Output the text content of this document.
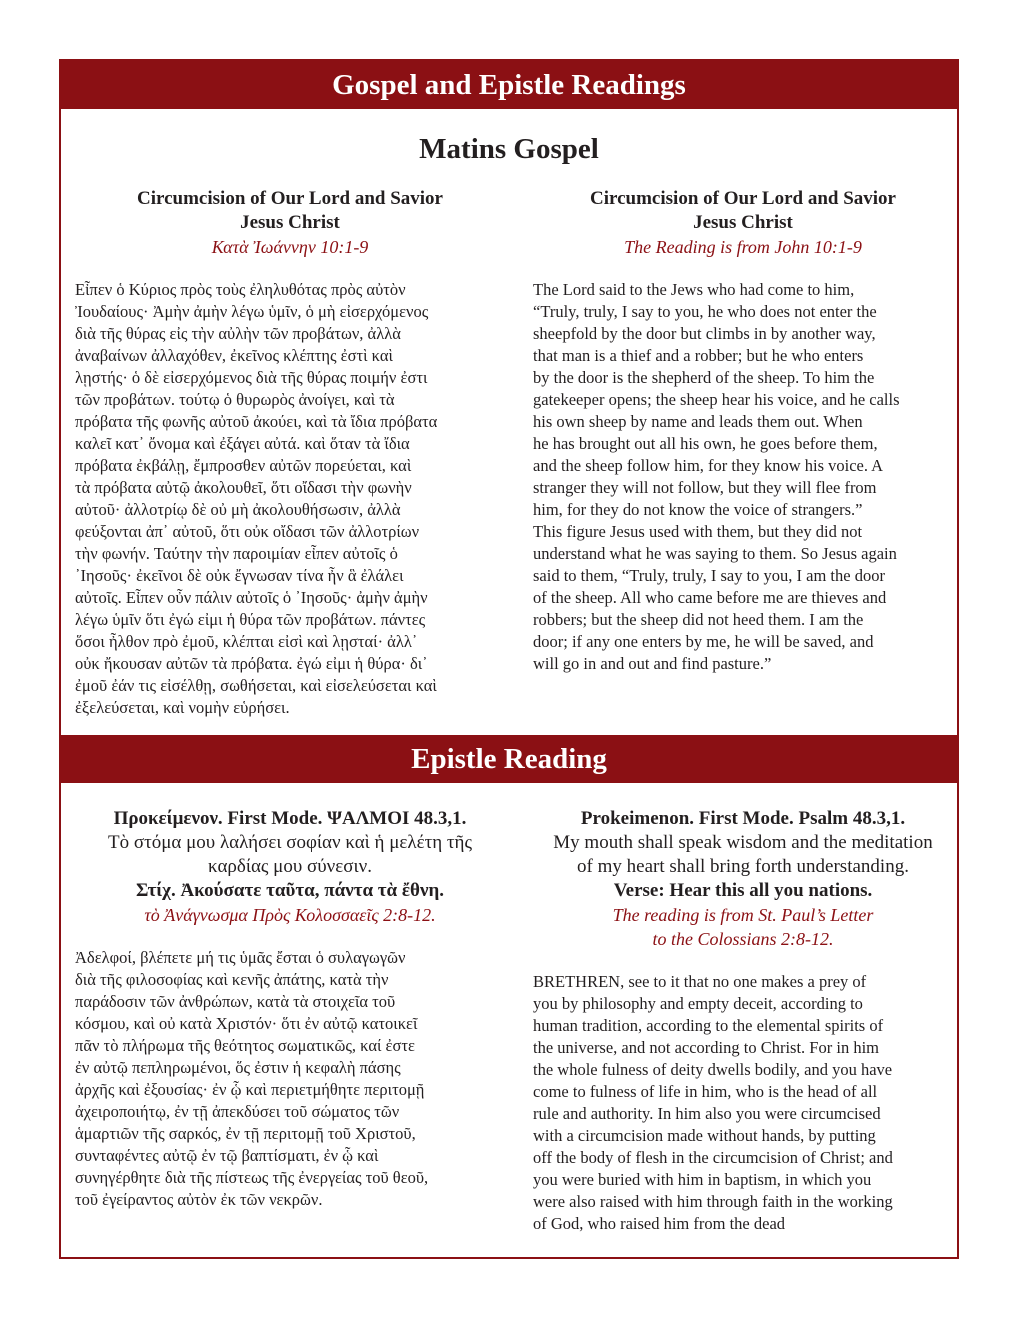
Gospel and Epistle Readings
Matins Gospel
Circumcision of Our Lord and Savior
Jesus Christ
Κατὰ Ἰωάννην 10:1-9
Εἶπεν ὁ Κύριος πρὸς τοὺς ἐληλυθότας πρὸς αὐτὸν
Ἰουδαίους· Ἀμὴν ἀμὴν λέγω ὑμῖν, ὁ μὴ εἰσερχόμενος
διὰ τῆς θύρας εἰς τὴν αὐλὴν τῶν προβάτων, ἀλλὰ
ἀναβαίνων ἀλλαχόθεν, ἐκεῖνος κλέπτης ἐστὶ καὶ
λῃστής· ὁ δὲ εἰσερχόμενος διὰ τῆς θύρας ποιμήν ἐστι
τῶν προβάτων. τούτῳ ὁ θυρωρὸς ἀνοίγει, καὶ τὰ
πρόβατα τῆς φωνῆς αὐτοῦ ἀκούει, καὶ τὰ ἴδια πρόβατα
καλεῖ κατ᾽ ὄνομα καὶ ἐξάγει αὐτά. καὶ ὅταν τὰ ἴδια
πρόβατα ἐκβάλῃ, ἔμπροσθεν αὐτῶν πορεύεται, καὶ
τὰ πρόβατα αὐτῷ ἀκολουθεῖ, ὅτι οἴδασι τὴν φωνὴν
αὐτοῦ· ἀλλοτρίῳ δὲ οὐ μὴ ἀκολουθήσωσιν, ἀλλὰ
φεύξονται ἀπ᾽ αὐτοῦ, ὅτι οὐκ οἴδασι τῶν ἀλλοτρίων
τὴν φωνήν. Ταύτην τὴν παροιμίαν εἶπεν αὐτοῖς ὁ
᾽Ιησοῦς· ἐκεῖνοι δὲ οὐκ ἔγνωσαν τίνα ἦν ἃ ἐλάλει
αὐτοῖς. Εἶπεν οὖν πάλιν αὐτοῖς ὁ ᾽Ιησοῦς· ἀμὴν ἀμὴν
λέγω ὑμῖν ὅτι ἐγώ εἰμι ἡ θύρα τῶν προβάτων. πάντες
ὅσοι ἦλθον πρὸ ἐμοῦ, κλέπται εἰσὶ καὶ λῃσταί· ἀλλ᾽
οὐκ ἤκουσαν αὐτῶν τὰ πρόβατα. ἐγώ εἰμι ἡ θύρα· δι᾽
ἐμοῦ ἐάν τις εἰσέλθῃ, σωθήσεται, καὶ εἰσελεύσεται καὶ
ἐξελεύσεται, καὶ νομὴν εὑρήσει.
Circumcision of Our Lord and Savior
Jesus Christ
The Reading is from John 10:1-9
The Lord said to the Jews who had come to him,
“Truly, truly, I say to you, he who does not enter the
sheepfold by the door but climbs in by another way,
that man is a thief and a robber; but he who enters
by the door is the shepherd of the sheep. To him the
gatekeeper opens; the sheep hear his voice, and he calls
his own sheep by name and leads them out. When
he has brought out all his own, he goes before them,
and the sheep follow him, for they know his voice. A
stranger they will not follow, but they will flee from
him, for they do not know the voice of strangers.”
This figure Jesus used with them, but they did not
understand what he was saying to them. So Jesus again
said to them, “Truly, truly, I say to you, I am the door
of the sheep. All who came before me are thieves and
robbers; but the sheep did not heed them. I am the
door; if any one enters by me, he will be saved, and
will go in and out and find pasture.”
Epistle Reading
Προκείμενον. First Mode. ΨΑΛΜΟΙ 48.3,1.
Τὸ στόμα μου λαλήσει σοφίαν καὶ ἡ μελέτη τῆς
καρδίας μου σύνεσιν.
Στίχ. Ἀκούσατε ταῦτα, πάντα τὰ ἔθνη.
τὸ Ἀνάγνωσμα Πρὸς Κολοσσαεῖς 2:8-12.
Ἀδελφοί, βλέπετε μή τις ὑμᾶς ἔσται ὁ συλαγωγῶν
διὰ τῆς φιλοσοφίας καὶ κενῆς ἀπάτης, κατὰ τὴν
παράδοσιν τῶν ἀνθρώπων, κατὰ τὰ στοιχεῖα τοῦ
κόσμου, καὶ οὐ κατὰ Χριστόν· ὅτι ἐν αὐτῷ κατοικεῖ
πᾶν τὸ πλήρωμα τῆς θεότητος σωματικῶς, καί ἐστε
ἐν αὐτῷ πεπληρωμένοι, ὅς ἐστιν ἡ κεφαλὴ πάσης
ἀρχῆς καὶ ἐξουσίας· ἐν ᾧ καὶ περιετμήθητε περιτομῇ
ἀχειροποιήτῳ, ἐν τῇ ἀπεκδύσει τοῦ σώματος τῶν
ἁμαρτιῶν τῆς σαρκός, ἐν τῇ περιτομῇ τοῦ Χριστοῦ,
συνταφέντες αὐτῷ ἐν τῷ βαπτίσματι, ἐν ᾧ καὶ
συνηγέρθητε διὰ τῆς πίστεως τῆς ἐνεργείας τοῦ θεοῦ,
τοῦ ἐγείραντος αὐτὸν ἐκ τῶν νεκρῶν.
Prokeimenon. First Mode. Psalm 48.3,1.
My mouth shall speak wisdom and the meditation
of my heart shall bring forth understanding.
Verse: Hear this all you nations.
The reading is from St. Paul’s Letter
to the Colossians 2:8-12.
BRETHREN, see to it that no one makes a prey of
you by philosophy and empty deceit, according to
human tradition, according to the elemental spirits of
the universe, and not according to Christ. For in him
the whole fulness of deity dwells bodily, and you have
come to fulness of life in him, who is the head of all
rule and authority. In him also you were circumcised
with a circumcision made without hands, by putting
off the body of flesh in the circumcision of Christ; and
you were buried with him in baptism, in which you
were also raised with him through faith in the working
of God, who raised him from the dead
